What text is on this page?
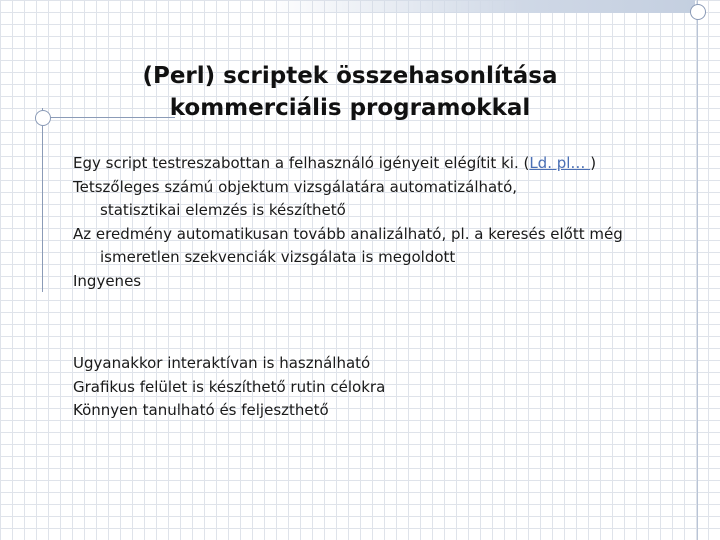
(Perl) scriptek összehasonlítása kommerciális programokkal
Egy script testreszabottan a felhasználó igényeit elégítit ki. (Ld. pl… )
Tetszőleges számú objektum vizsgálatára automatizálható,
statisztikai elemzés is készíthető
Az eredmény automatikusan tovább analizálható, pl. a keresés előtt még
ismeretlen szekvenciák vizsgálata is megoldott
Ingyenes
Ugyanakkor interaktívan is használható
Grafikus felület is készíthető rutin célokra
Könnyen tanulható és feljeszthető
